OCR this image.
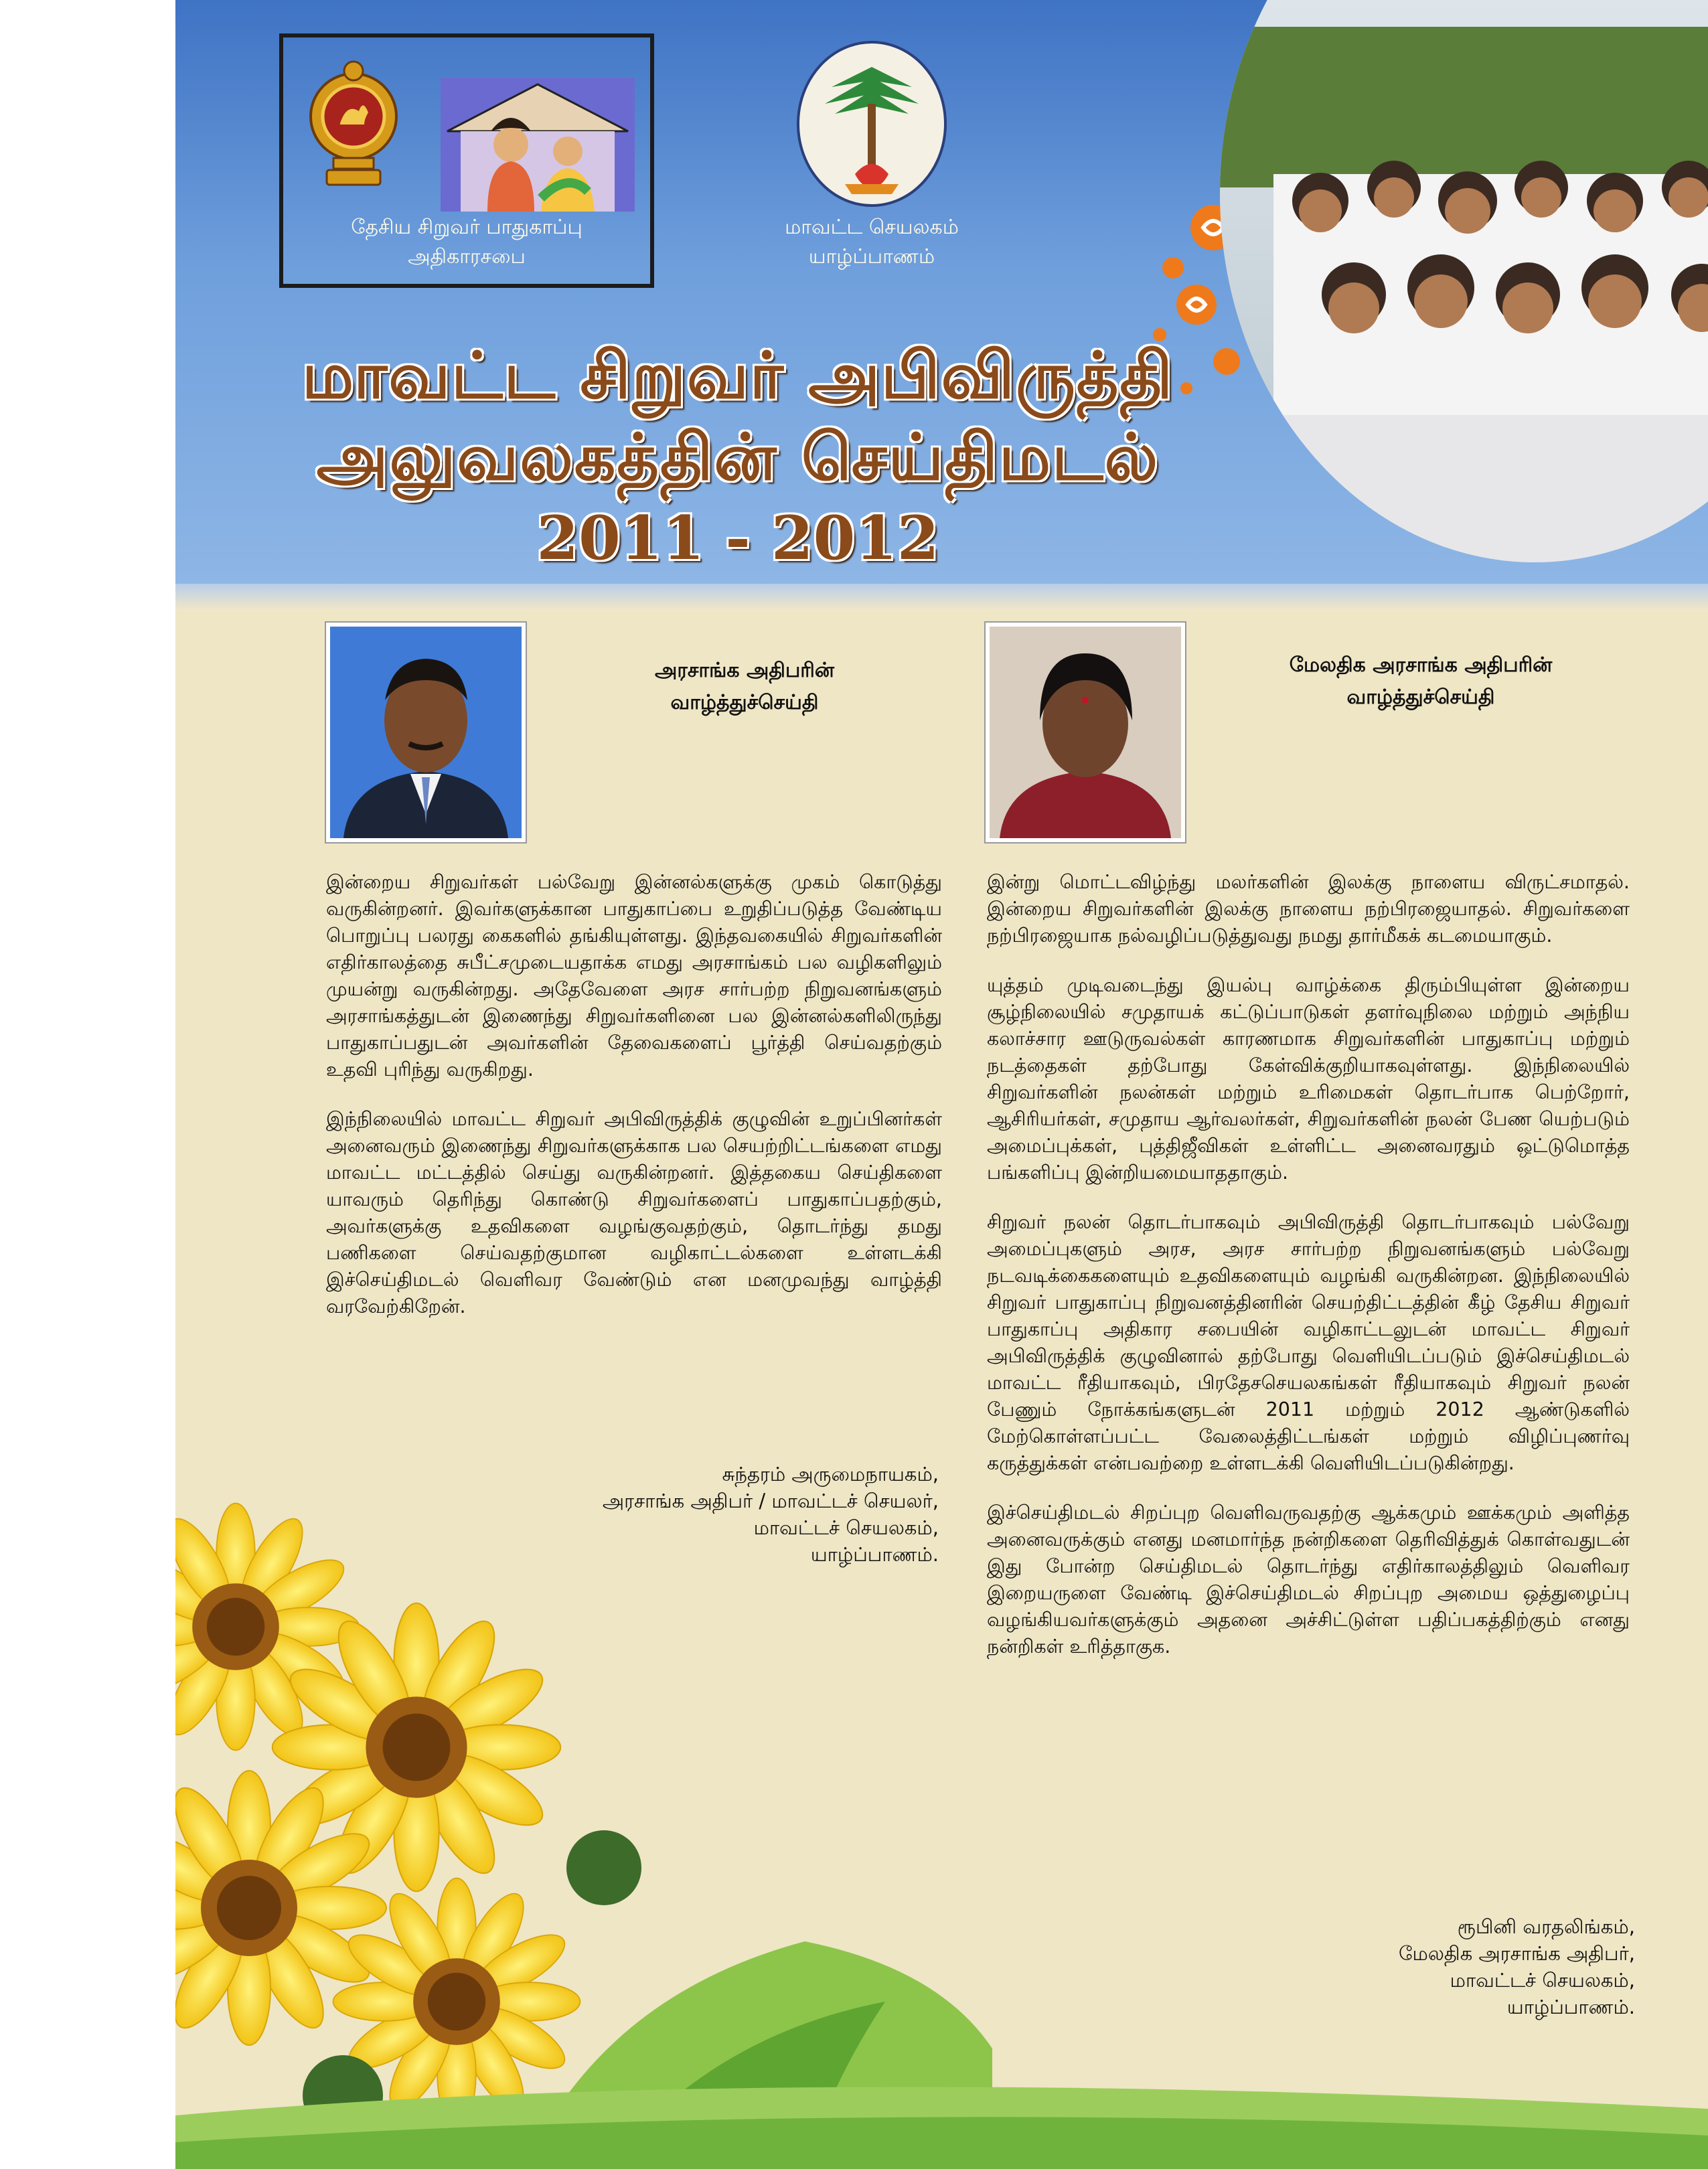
தேசிய சிறுவர் பாதுகாப்பு
அதிகாரசபை
மாவட்ட செயலகம்
யாழ்ப்பாணம்
மாவட்ட சிறுவர் அபிவிருத்தி
அலுவலகத்தின் செய்திமடல்
2011 - 2012
அரசாங்க அதிபரின்
வாழ்த்துச்செய்தி
மேலதிக அரசாங்க அதிபரின்
வாழ்த்துச்செய்தி

இன்றைய சிறுவர்கள் பல்வேறு இன்னல்களுக்கு முகம் கொடுத்து வருகின்றனர். இவர்களுக்கான பாதுகாப்பை உறுதிப்படுத்த வேண்டிய பொறுப்பு பலரது கைகளில் தங்கியுள்ளது. இந்தவகையில் சிறுவர்களின் எதிர்காலத்தை சுபீட்சமுடையதாக்க எமது அரசாங்கம் பல வழிகளிலும் முயன்று வருகின்றது. அதேவேளை அரச சார்பற்ற நிறுவனங்களும் அரசாங்கத்துடன் இணைந்து சிறுவர்களினை பல இன்னல்களிலிருந்து பாதுகாப்பதுடன் அவர்களின் தேவைகளைப் பூர்த்தி செய்வதற்கும் உதவி புரிந்து வருகிறது.

இந்நிலையில் மாவட்ட சிறுவர் அபிவிருத்திக் குழுவின் உறுப்பினர்கள் அனைவரும் இணைந்து சிறுவர்களுக்காக பல செயற்றிட்டங்களை எமது மாவட்ட மட்டத்தில் செய்து வருகின்றனர். இத்தகைய செய்திகளை யாவரும் தெரிந்து கொண்டு சிறுவர்களைப் பாதுகாப்பதற்கும், அவர்களுக்கு உதவிகளை வழங்குவதற்கும், தொடர்ந்து தமது பணிகளை செய்வதற்குமான வழிகாட்டல்களை உள்ளடக்கி இச்செய்திமடல் வெளிவர வேண்டும் என மனமுவந்து வாழ்த்தி வரவேற்கிறேன்.

சுந்தரம் அருமைநாயகம்,
அரசாங்க அதிபர் / மாவட்டச் செயலர்,
மாவட்டச் செயலகம்,
யாழ்ப்பாணம்.

இன்று மொட்டவிழ்ந்து மலர்களின் இலக்கு நாளைய விருட்சமாதல். இன்றைய சிறுவர்களின் இலக்கு நாளைய நற்பிரஜையாதல். சிறுவர்களை நற்பிரஜையாக நல்வழிப்படுத்துவது நமது தார்மீகக் கடமையாகும்.

யுத்தம் முடிவடைந்து இயல்பு வாழ்க்கை திரும்பியுள்ள இன்றைய சூழ்நிலையில் சமுதாயக் கட்டுப்பாடுகள் தளர்வுநிலை மற்றும் அந்நிய கலாச்சார ஊடுருவல்கள் காரணமாக சிறுவர்களின் பாதுகாப்பு மற்றும் நடத்தைகள் தற்போது கேள்விக்குறியாகவுள்ளது. இந்நிலையில் சிறுவர்களின் நலன்கள் மற்றும் உரிமைகள் தொடர்பாக பெற்றோர், ஆசிரியர்கள், சமுதாய ஆர்வலர்கள், சிறுவர்களின் நலன் பேண யெற்படும் அமைப்புக்கள், புத்திஜீவிகள் உள்ளிட்ட அனைவரதும் ஒட்டுமொத்த பங்களிப்பு இன்றியமையாததாகும்.

சிறுவர் நலன் தொடர்பாகவும் அபிவிருத்தி தொடர்பாகவும் பல்வேறு அமைப்புகளும் அரச, அரச சார்பற்ற நிறுவனங்களும் பல்வேறு நடவடிக்கைகளையும் உதவிகளையும் வழங்கி வருகின்றன. இந்நிலையில் சிறுவர் பாதுகாப்பு நிறுவனத்தினரின் செயற்திட்டத்தின் கீழ் தேசிய சிறுவர் பாதுகாப்பு அதிகார சபையின் வழிகாட்டலுடன் மாவட்ட சிறுவர் அபிவிருத்திக் குழுவினால் தற்போது வெளியிடப்படும் இச்செய்திமடல் மாவட்ட ரீதியாகவும், பிரதேசசெயலகங்கள் ரீதியாகவும் சிறுவர் நலன் பேணும் நோக்கங்களுடன் 2011 மற்றும் 2012 ஆண்டுகளில் மேற்கொள்ளப்பட்ட வேலைத்திட்டங்கள் மற்றும் விழிப்புணர்வு கருத்துக்கள் என்பவற்றை உள்ளடக்கி வெளியிடப்படுகின்றது.

இச்செய்திமடல் சிறப்புற வெளிவருவதற்கு ஆக்கமும் ஊக்கமும் அளித்த அனைவருக்கும் எனது மனமார்ந்த நன்றிகளை தெரிவித்துக் கொள்வதுடன் இது போன்ற செய்திமடல் தொடர்ந்து எதிர்காலத்திலும் வெளிவர இறையருளை வேண்டி இச்செய்திமடல் சிறப்புற அமைய ஒத்துழைப்பு வழங்கியவர்களுக்கும் அதனை அச்சிட்டுள்ள பதிப்பகத்திற்கும் எனது நன்றிகள் உரித்தாகுக.

ரூபினி வரதலிங்கம்,
மேலதிக அரசாங்க அதிபர்,
மாவட்டச் செயலகம்,
யாழ்ப்பாணம்.
